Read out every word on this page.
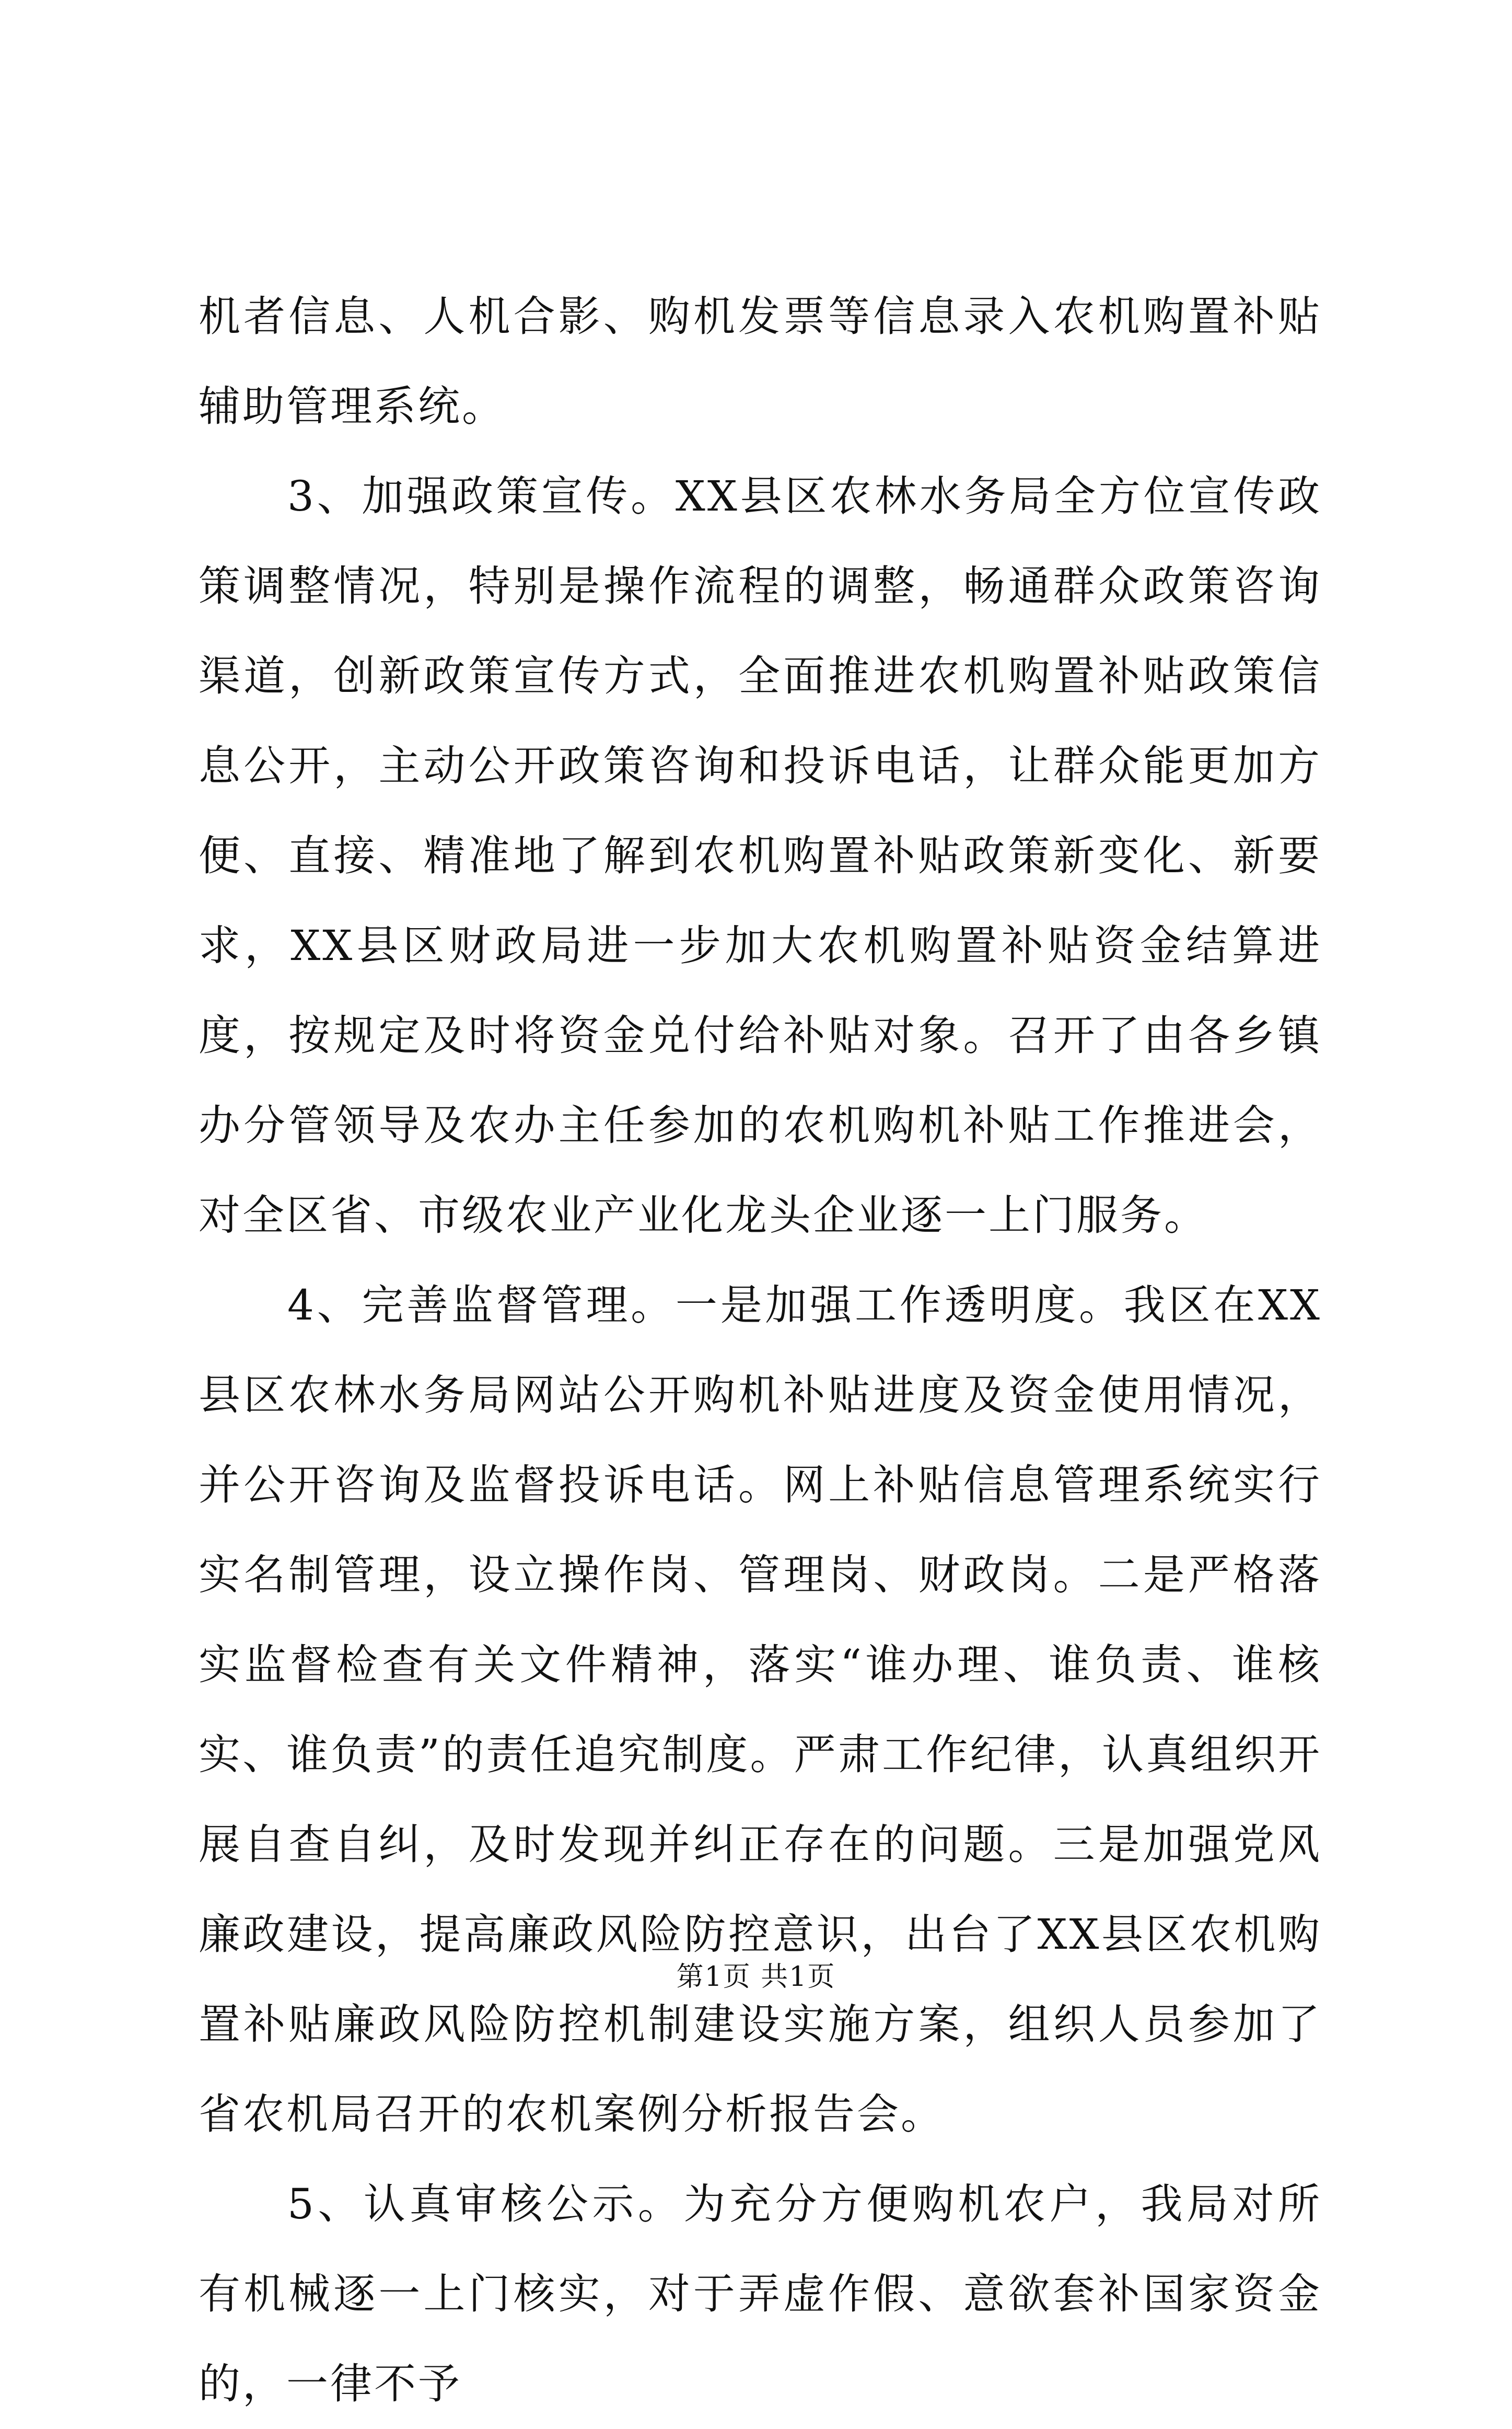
机者信息、人机合影、购机发票等信息录入农机购置补贴辅助管理系统。

3、加强政策宣传。XX县区农林水务局全方位宣传政策调整情况，特别是操作流程的调整，畅通群众政策咨询渠道，创新政策宣传方式，全面推进农机购置补贴政策信息公开，主动公开政策咨询和投诉电话，让群众能更加方便、直接、精准地了解到农机购置补贴政策新变化、新要求，XX县区财政局进一步加大农机购置补贴资金结算进度，按规定及时将资金兑付给补贴对象。召开了由各乡镇办分管领导及农办主任参加的农机购机补贴工作推进会，对全区省、市级农业产业化龙头企业逐一上门服务。

4、完善监督管理。一是加强工作透明度。我区在XX县区农林水务局网站公开购机补贴进度及资金使用情况，并公开咨询及监督投诉电话。网上补贴信息管理系统实行实名制管理，设立操作岗、管理岗、财政岗。二是严格落实监督检查有关文件精神，落实“谁办理、谁负责、谁核实、谁负责”的责任追究制度。严肃工作纪律，认真组织开展自查自纠，及时发现并纠正存在的问题。三是加强党风廉政建设，提高廉政风险防控意识，出台了XX县区农机购置补贴廉政风险防控机制建设实施方案，组织人员参加了省农机局召开的农机案例分析报告会。

5、认真审核公示。为充分方便购机农户，我局对所有机械逐一上门核实，对于弄虚作假、意欲套补国家资金的，一律不予

第1页 共1页
